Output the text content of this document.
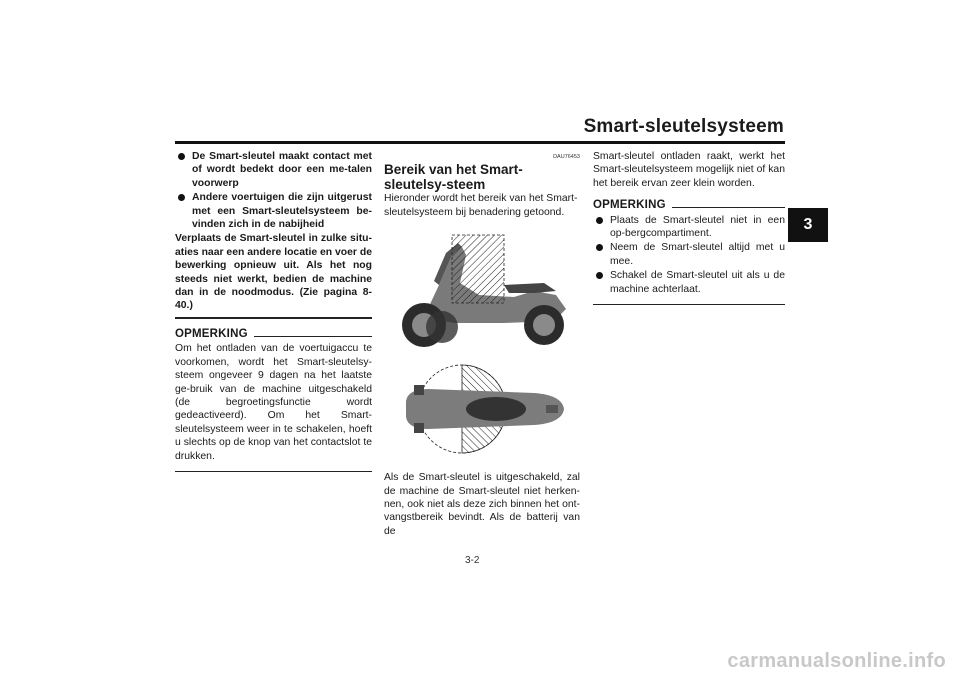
Smart-sleutelsysteem
3
De Smart-sleutel maakt contact met of wordt bedekt door een me-talen voorwerp
Andere voertuigen die zijn uitgerust met een Smart-sleutelsysteem be-vinden zich in de nabijheid
Verplaats de Smart-sleutel in zulke situ-aties naar een andere locatie en voer de bewerking opnieuw uit. Als het nog steeds niet werkt, bedien de machine dan in de noodmodus. (Zie pagina 8-40.)
OPMERKING
Om het ontladen van de voertuigaccu te voorkomen, wordt het Smart-sleutelsy-steem ongeveer 9 dagen na het laatste ge-bruik van de machine uitgeschakeld (de begroetingsfunctie wordt gedeactiveerd). Om het Smart-sleutelsysteem weer in te schakelen, hoeft u slechts op de knop van het contactslot te drukken.
DAU76453
Bereik van het Smart-sleutelsy-steem
Hieronder wordt het bereik van het Smart-sleutelsysteem bij benadering getoond.
Als de Smart-sleutel is uitgeschakeld, zal de machine de Smart-sleutel niet herken-nen, ook niet als deze zich binnen het ont-vangstbereik bevindt. Als de batterij van de
Smart-sleutel ontladen raakt, werkt het Smart-sleutelsysteem mogelijk niet of kan het bereik ervan zeer klein worden.
OPMERKING
Plaats de Smart-sleutel niet in een op-bergcompartiment.
Neem de Smart-sleutel altijd met u mee.
Schakel de Smart-sleutel uit als u de machine achterlaat.
3-2
carmanualsonline.info
